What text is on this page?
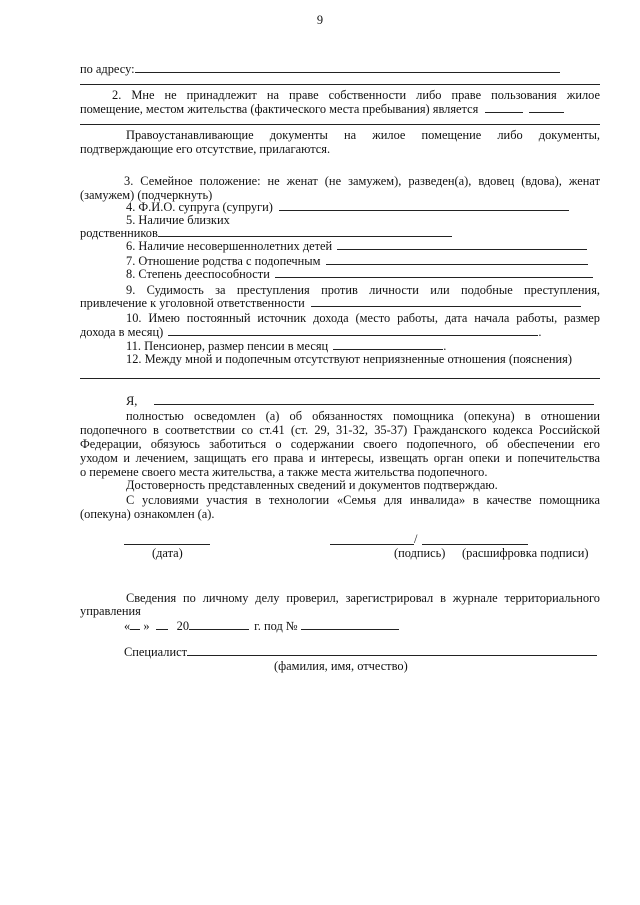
9
по адресу:
2. Мне не принадлежит на праве собственности либо праве пользования жилое
помещение, местом жительства (фактического места пребывания) является
Правоустанавливающие документы на жилое помещение либо документы,
подтверждающие его отсутствие, прилагаются.
3. Семейное положение: не женат (не замужем), разведен(а), вдовец (вдова), женат
(замужем) (подчеркнуть)
4. Ф.И.О. супруга (супруги)
5. Наличие близких
родственников
6. Наличие несовершеннолетних детей
7. Отношение родства с подопечным
8. Степень дееспособности
9. Судимость за преступления против личности или подобные преступления,
привлечение к уголовной ответственности
10. Имею постоянный источник дохода (место работы, дата начала работы, размер
дохода в месяц)	.
11. Пенсионер, размер пенсии в месяц	.
12. Между мной и подопечным отсутствуют неприязненные отношения (пояснения)
Я,
полностью осведомлен (а) об обязанностях помощника (опекуна) в отношении
подопечного в соответствии со ст.41 (ст. 29, 31-32, 35-37) Гражданского кодекса Российской
Федерации, обязуюсь заботиться о содержании своего подопечного, об обеспечении его
уходом и лечением, защищать его права и интересы, извещать орган опеки и попечительства
о перемене своего места жительства, а также места жительства подопечного.
Достоверность представленных сведений и документов подтверждаю.
С условиями участия в технологии «Семья для инвалида» в качестве помощника
(опекуна) ознакомлен (а).
/
(дата)	(подпись) (расшифровка подписи)
Сведения по личному делу проверил, зарегистрировал в журнале территориального
управления
« » 20	г. под №
Специалист
(фамилия, имя, отчество)
